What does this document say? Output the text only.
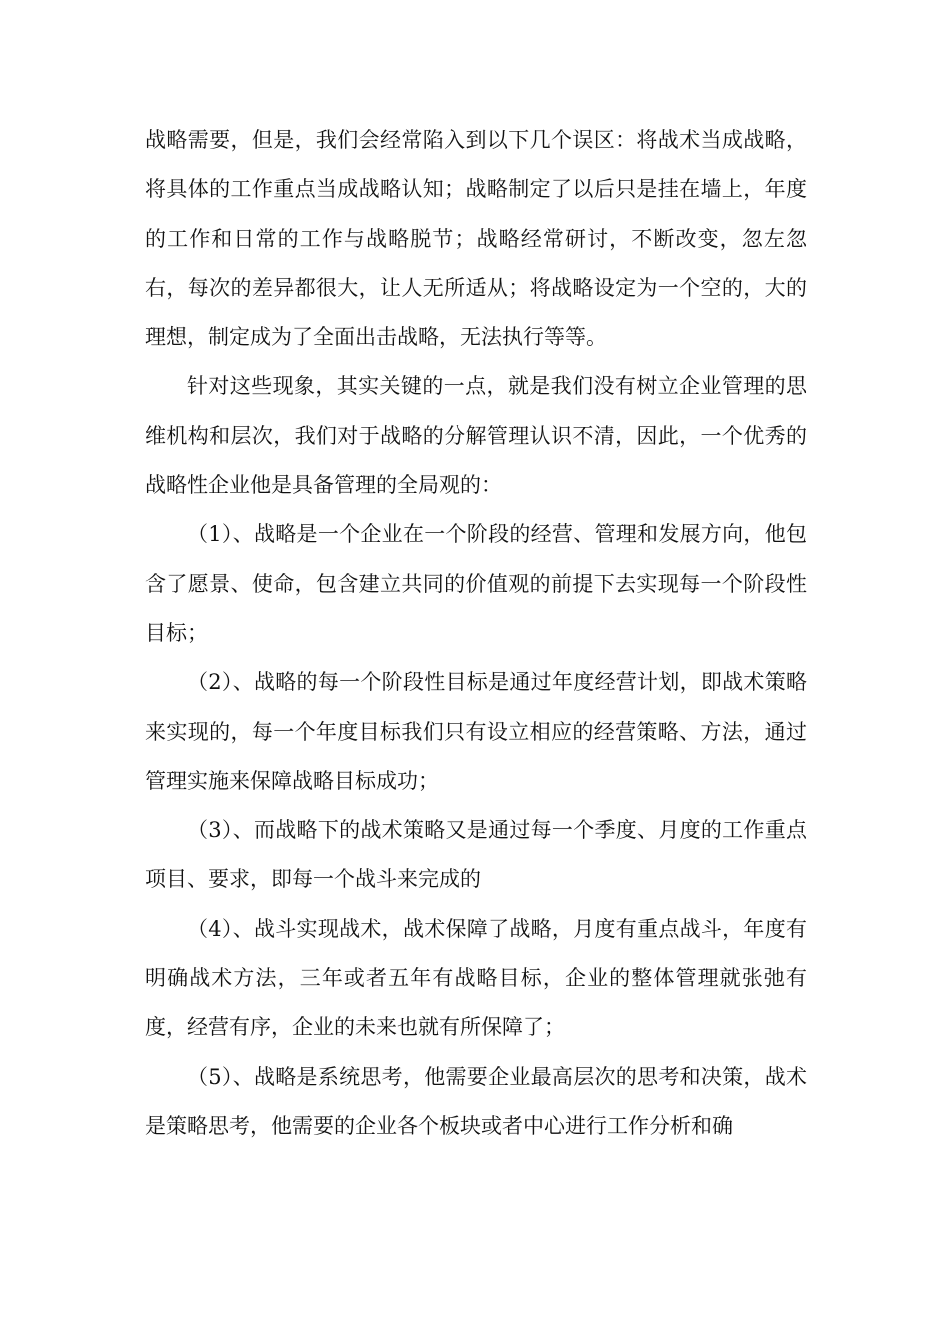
战略需要，但是，我们会经常陷入到以下几个误区：将战术当成战略，将具体的工作重点当成战略认知；战略制定了以后只是挂在墙上，年度的工作和日常的工作与战略脱节；战略经常研讨，不断改变，忽左忽右，每次的差异都很大，让人无所适从；将战略设定为一个空的，大的理想，制定成为了全面出击战略，无法执行等等。

针对这些现象，其实关键的一点，就是我们没有树立企业管理的思维机构和层次，我们对于战略的分解管理认识不清，因此，一个优秀的战略性企业他是具备管理的全局观的：

（1）、战略是一个企业在一个阶段的经营、管理和发展方向，他包含了愿景、使命，包含建立共同的价值观的前提下去实现每一个阶段性目标；

（2）、战略的每一个阶段性目标是通过年度经营计划，即战术策略来实现的，每一个年度目标我们只有设立相应的经营策略、方法，通过管理实施来保障战略目标成功；

（3）、而战略下的战术策略又是通过每一个季度、月度的工作重点项目、要求，即每一个战斗来完成的

（4）、战斗实现战术，战术保障了战略，月度有重点战斗，年度有明确战术方法，三年或者五年有战略目标，企业的整体管理就张弛有度，经营有序，企业的未来也就有所保障了；

（5）、战略是系统思考，他需要企业最高层次的思考和决策，战术是策略思考，他需要的企业各个板块或者中心进行工作分析和确
